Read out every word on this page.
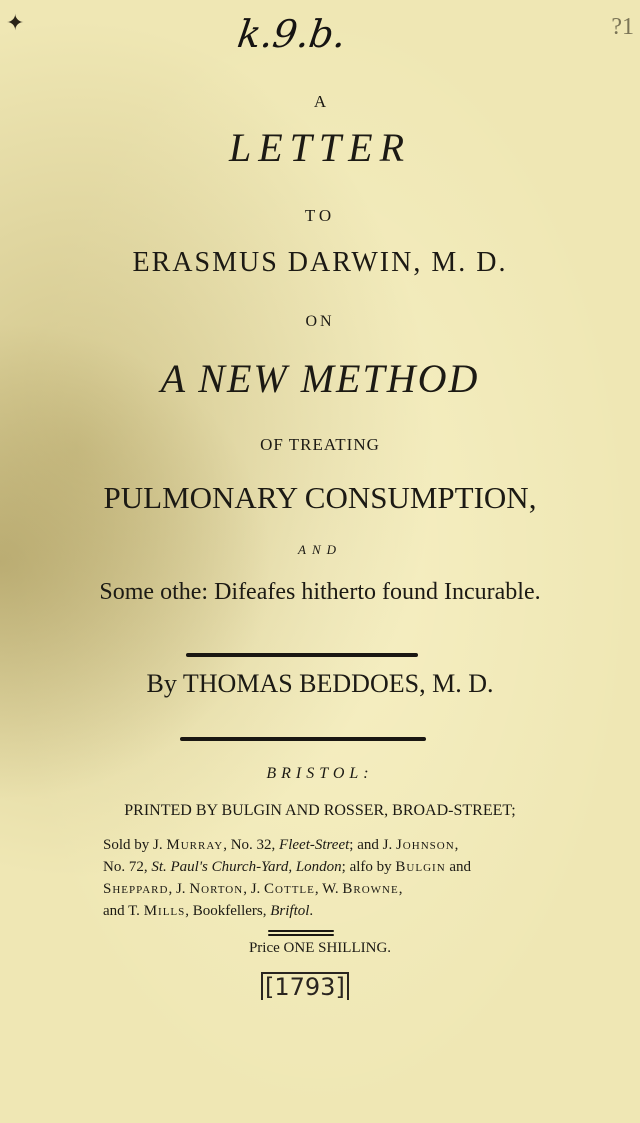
✦	k.9.b.	?1
A
LETTER
TO
ERASMUS DARWIN, M. D.
ON
A NEW METHOD
OF TREATING
PULMONARY CONSUMPTION,
AND
Some othe: Difeafes hitherto found Incurable.
By THOMAS BEDDOES, M. D.
BRISTOL:
PRINTED BY BULGIN AND ROSSER, BROAD-STREET;
Sold by J. Murray, No. 32, Fleet-Street; and J. Johnson,
No. 72, St. Paul's Church-Yard, London; alfo by Bulgin and
Sheppard, J. Norton, J. Cottle, W. Browne,
and T. Mills, Bookfellers, Briftol.
Price ONE SHILLING.
[1793]
